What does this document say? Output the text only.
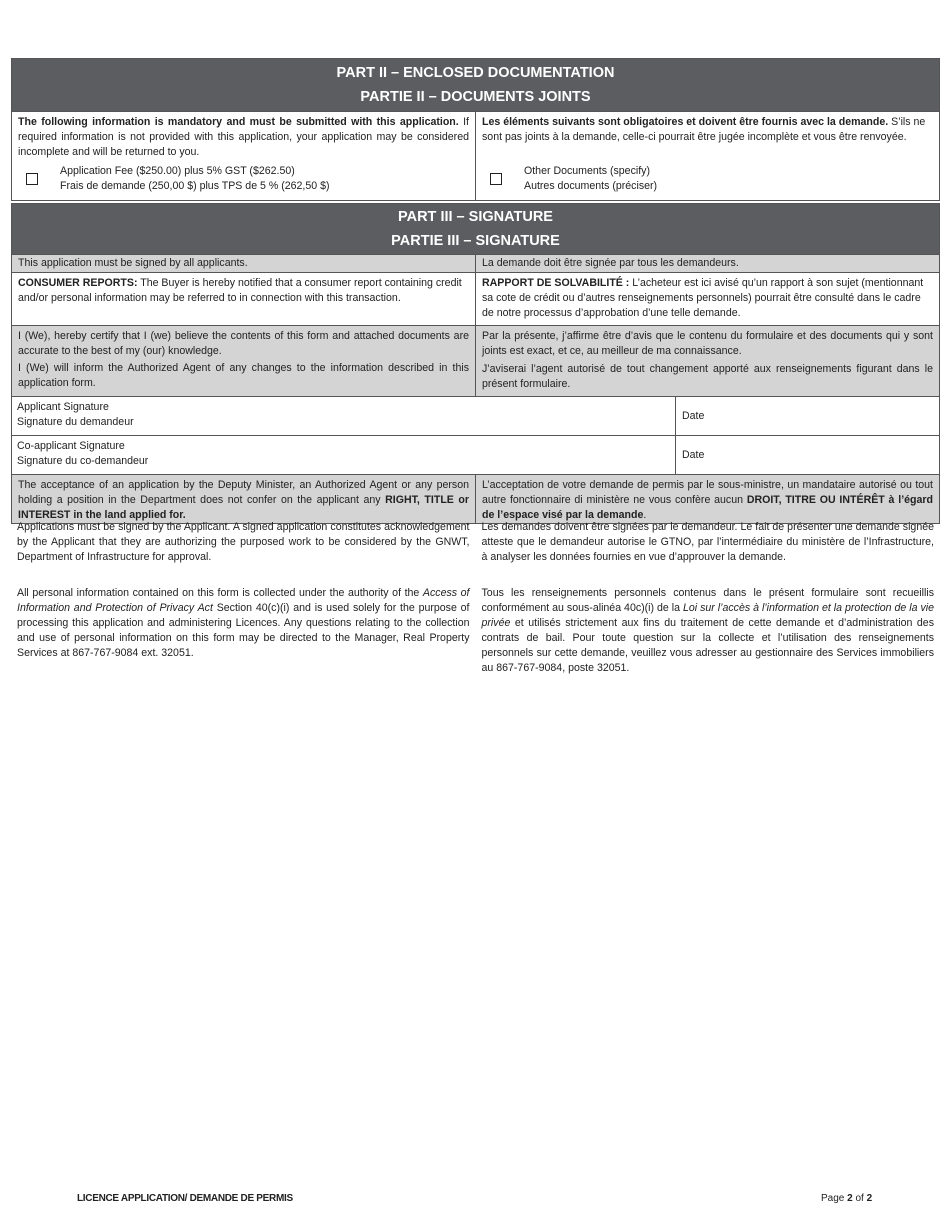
PART II – ENCLOSED DOCUMENTATION
PARTIE II – DOCUMENTS JOINTS
The following information is mandatory and must be submitted with this application. If required information is not provided with this application, your application may be considered incomplete and will be returned to you.
Application Fee ($250.00) plus 5% GST ($262.50)
Frais de demande (250,00 $) plus TPS de 5 % (262,50 $)
Les éléments suivants sont obligatoires et doivent être fournis avec la demande. S’ils ne sont pas joints à la demande, celle-ci pourrait être jugée incomplète et vous être renvoyée.
Other Documents (specify)
Autres documents (préciser)
PART III – SIGNATURE
PARTIE III – SIGNATURE
This application must be signed by all applicants.	La demande doit être signée par tous les demandeurs.
CONSUMER REPORTS: The Buyer is hereby notified that a consumer report containing credit and/or personal information may be referred to in connection with this transaction.
RAPPORT DE SOLVABILITÉ : L’acheteur est ici avisé qu’un rapport à son sujet (mentionnant sa cote de crédit ou d’autres renseignements personnels) pourrait être consulté dans le cadre de notre processus d’approbation d’une telle demande.
I (We), hereby certify that I (we) believe the contents of this form and attached documents are accurate to the best of my (our) knowledge.
I (We) will inform the Authorized Agent of any changes to the information described in this application form.
Par la présente, j’affirme être d’avis que le contenu du formulaire et des documents qui y sont joints est exact, et ce, au meilleur de ma connaissance.
J’aviserai l’agent autorisé de tout changement apporté aux renseignements figurant dans le présent formulaire.
Applicant Signature
Signature du demandeur	Date
Co-applicant Signature
Signature du co-demandeur	Date
The acceptance of an application by the Deputy Minister, an Authorized Agent or any person holding a position in the Department does not confer on the applicant any RIGHT, TITLE or INTEREST in the land applied for.
L’acceptation de votre demande de permis par le sous-ministre, un mandataire autorisé ou tout autre fonctionnaire di ministère ne vous confère aucun DROIT, TITRE OU INTÉRÊT à l’égard de l’espace visé par la demande.

Applications must be signed by the Applicant. A signed application constitutes acknowledgement by the Applicant that they are authorizing the purposed work to be considered by the GNWT, Department of Infrastructure for approval.

All personal information contained on this form is collected under the authority of the Access of Information and Protection of Privacy Act Section 40(c)(i) and is used solely for the purpose of processing this application and administering Licences. Any questions relating to the collection and use of personal information on this form may be directed to the Manager, Real Property Services at 867-767-9084 ext. 32051.

Les demandes doivent être signées par le demandeur. Le fait de présenter une demande signée atteste que le demandeur autorise le GTNO, par l’intermédiaire du ministère de l’Infrastructure, à analyser les données fournies en vue d’approuver la demande.

Tous les renseignements personnels contenus dans le présent formulaire sont recueillis conformément au sous-alinéa 40c)(i) de la Loi sur l’accès à l’information et la protection de la vie privée et utilisés strictement aux fins du traitement de cette demande et d’administration des contrats de bail. Pour toute question sur la collecte et l’utilisation des renseignements personnels sur cette demande, veuillez vous adresser au gestionnaire des Services immobiliers au 867-767-9084, poste 32051.

LICENCE APPLICATION/ DEMANDE DE PERMIS	Page 2 of 2
